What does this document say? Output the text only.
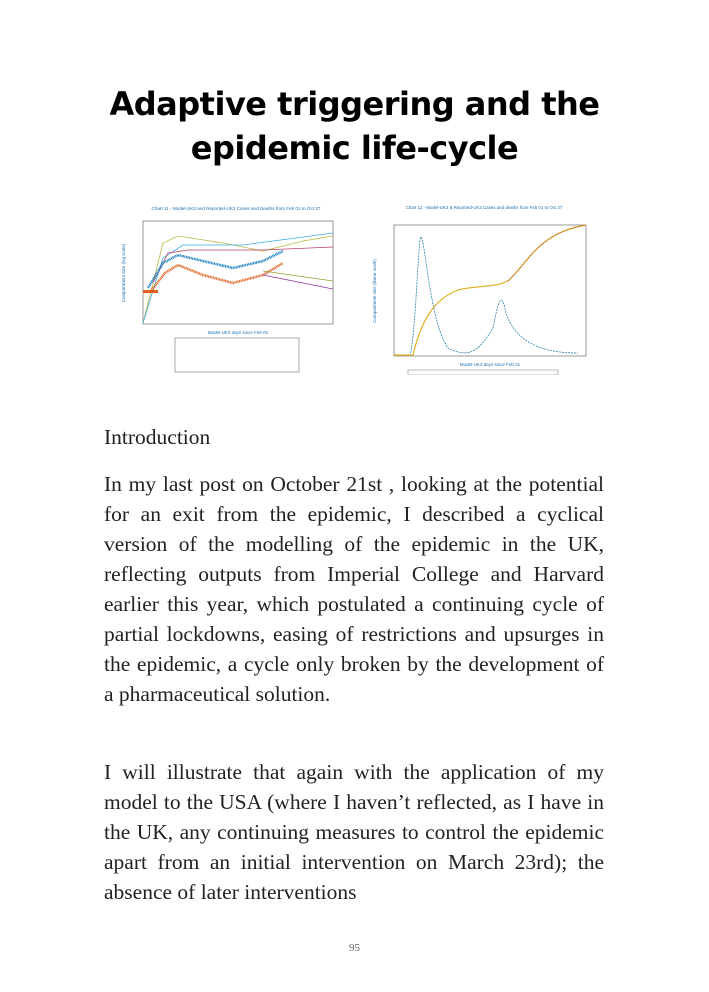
Adaptive triggering and the epidemic life-cycle
Chart 11 - Model-UK3 and Reported-UK3 Cases and Deaths from Feb 01 to Oct 27
Model-UK3 days since Feb 01
Compartment size (log scale)
Chart 12 - Model-UK3 & Reported-UK3 Cases and deaths from Feb 01 to Oct 27
Model-UK3 days since Feb 01
Compartment size (linear scale)
Introduction
In my last post on October 21st , looking at the potential for an exit from the epidemic, I described a cyclical version of the modelling of the epidemic in the UK, reflecting outputs from Imperial College and Harvard earlier this year, which postulated a continuing cycle of partial lockdowns, easing of restrictions and upsurges in the epidemic, a cycle only broken by the development of a pharmaceutical solution.
I will illustrate that again with the application of my model to the USA (where I haven’t reflected, as I have in the UK, any continuing measures to control the epidemic apart from an initial intervention on March 23rd); the absence of later interventions
95
